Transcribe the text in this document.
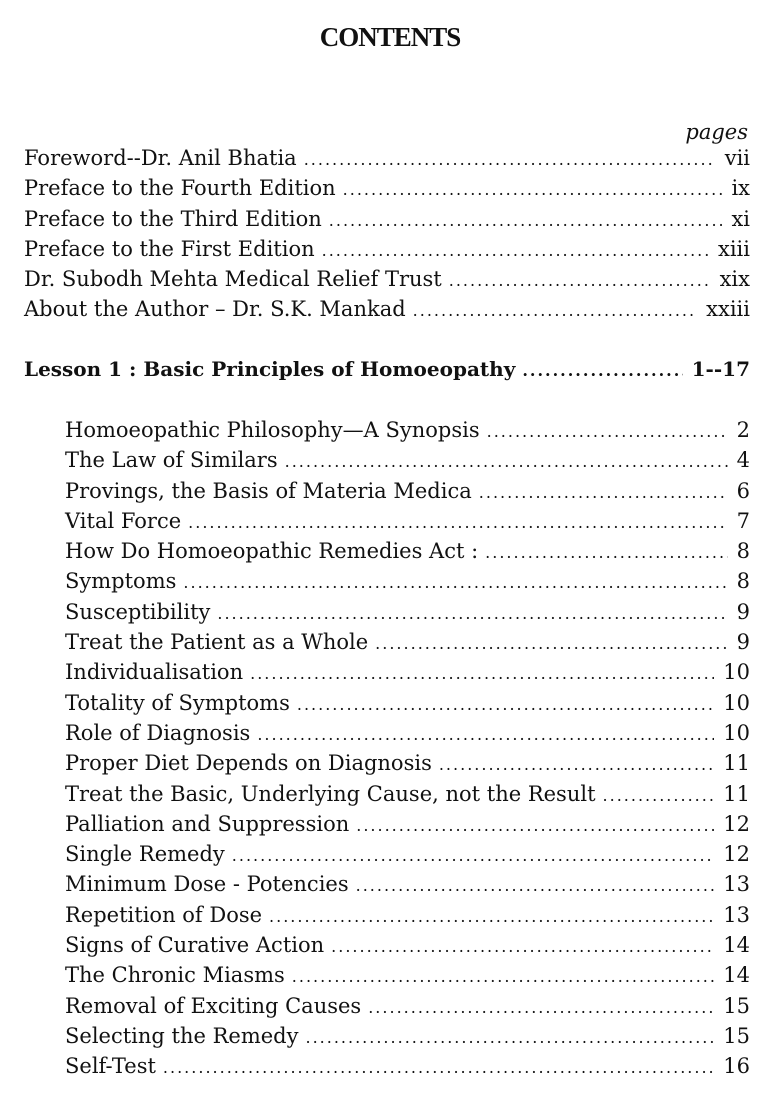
CONTENTS
pages
Foreword--Dr. Anil Bhatia .....	vii
Preface to the Fourth Edition .....	ix
Preface to the Third Edition .....	xi
Preface to the First Edition .....	xiii
Dr. Subodh Mehta Medical Relief Trust .....	xix
About the Author – Dr. S.K. Mankad .....	xxiii
Lesson 1 : Basic Principles of Homoeopathy .....	1--17
Homoeopathic Philosophy—A Synopsis .....	2
The Law of Similars .....	4
Provings, the Basis of Materia Medica .....	6
Vital Force .....	7
How Do Homoeopathic Remedies Act : .....	8
Symptoms .....	8
Susceptibility .....	9
Treat the Patient as a Whole .....	9
Individualisation .....	10
Totality of Symptoms .....	10
Role of Diagnosis .....	10
Proper Diet Depends on Diagnosis .....	11
Treat the Basic, Underlying Cause, not the Result .....	11
Palliation and Suppression .....	12
Single Remedy .....	12
Minimum Dose - Potencies .....	13
Repetition of Dose .....	13
Signs of Curative Action .....	14
The Chronic Miasms .....	14
Removal of Exciting Causes .....	15
Selecting the Remedy .....	15
Self-Test .....	16
